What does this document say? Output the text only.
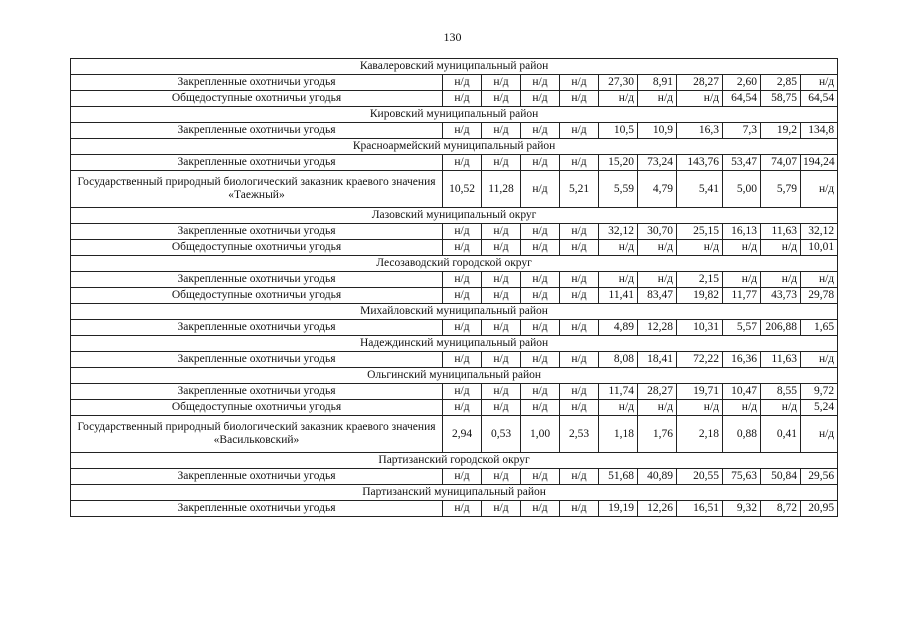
130
Кавалеровский муниципальный район										
Закрепленные охотничьи угодья	н/д	н/д	н/д	н/д	27,30	8,91	28,27	2,60	2,85	н/д
Общедоступные охотничьи угодья	н/д	н/д	н/д	н/д	н/д	н/д	н/д	64,54	58,75	64,54
Кировский муниципальный район										
Закрепленные охотничьи угодья	н/д	н/д	н/д	н/д	10,5	10,9	16,3	7,3	19,2	134,8
Красноармейский муниципальный район										
Закрепленные охотничьи угодья	н/д	н/д	н/д	н/д	15,20	73,24	143,76	53,47	74,07	194,24
Государственный природный биологический заказник краевого значения «Таежный»	10,52	11,28	н/д	5,21	5,59	4,79	5,41	5,00	5,79	н/д
Лазовский муниципальный округ										
Закрепленные охотничьи угодья	н/д	н/д	н/д	н/д	32,12	30,70	25,15	16,13	11,63	32,12
Общедоступные охотничьи угодья	н/д	н/д	н/д	н/д	н/д	н/д	н/д	н/д	н/д	10,01
Лесозаводский городской округ										
Закрепленные охотничьи угодья	н/д	н/д	н/д	н/д	н/д	н/д	2,15	н/д	н/д	н/д
Общедоступные охотничьи угодья	н/д	н/д	н/д	н/д	11,41	83,47	19,82	11,77	43,73	29,78
Михайловский муниципальный район										
Закрепленные охотничьи угодья	н/д	н/д	н/д	н/д	4,89	12,28	10,31	5,57	206,88	1,65
Надеждинский муниципальный район										
Закрепленные охотничьи угодья	н/д	н/д	н/д	н/д	8,08	18,41	72,22	16,36	11,63	н/д
Ольгинский муниципальный район										
Закрепленные охотничьи угодья	н/д	н/д	н/д	н/д	11,74	28,27	19,71	10,47	8,55	9,72
Общедоступные охотничьи угодья	н/д	н/д	н/д	н/д	н/д	н/д	н/д	н/д	н/д	5,24
Государственный природный биологический заказник краевого значения «Васильковский»	2,94	0,53	1,00	2,53	1,18	1,76	2,18	0,88	0,41	н/д
Партизанский городской округ										
Закрепленные охотничьи угодья	н/д	н/д	н/д	н/д	51,68	40,89	20,55	75,63	50,84	29,56
Партизанский муниципальный район										
Закрепленные охотничьи угодья	н/д	н/д	н/д	н/д	19,19	12,26	16,51	9,32	8,72	20,95
